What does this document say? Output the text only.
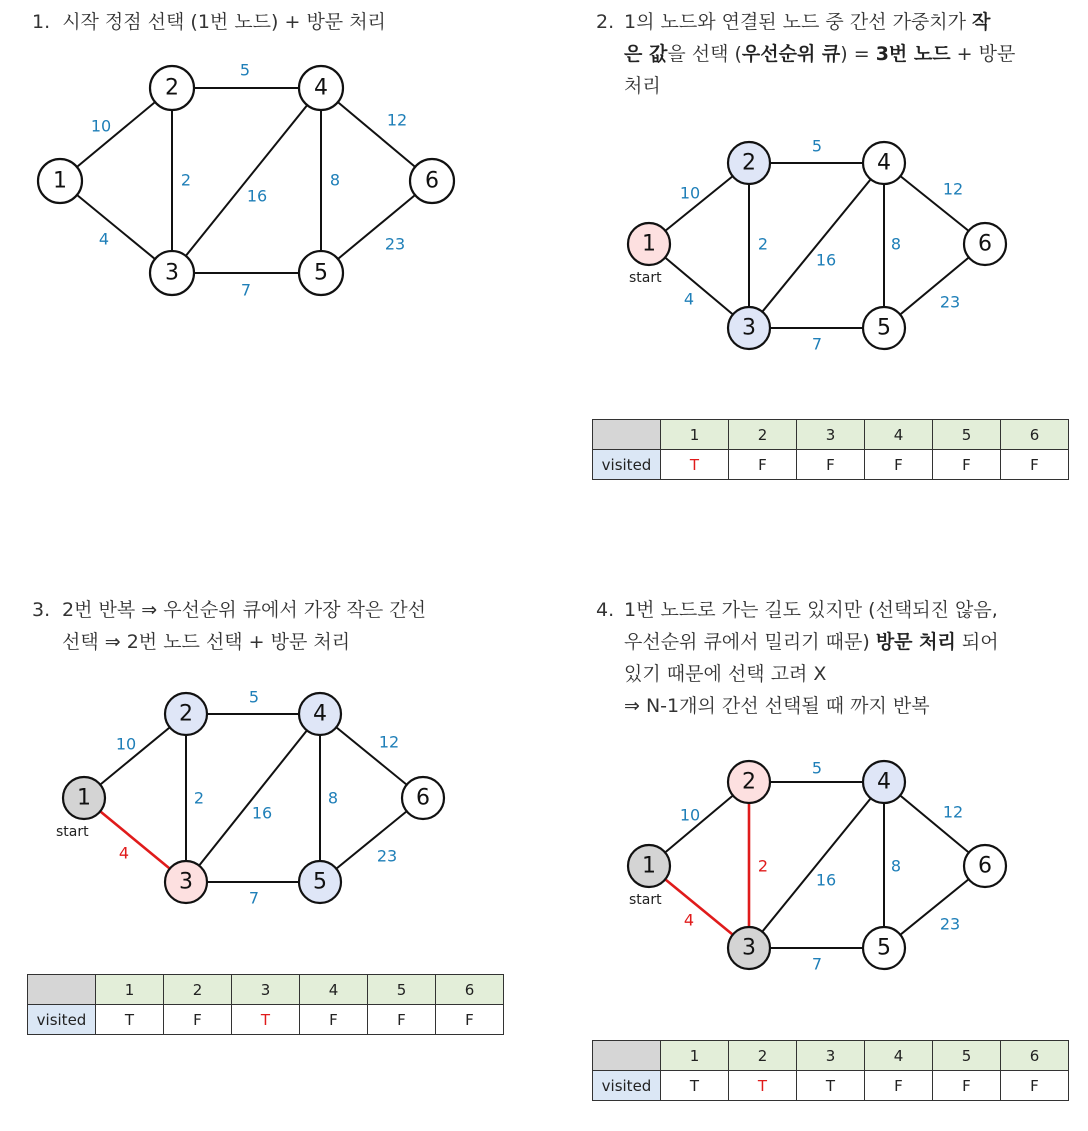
1. 시작 정점 선택 (1번 노드) + 방문 처리
10
4
2
5
16
7
8
12
23
1
2
3
4
5
6
2. 1의 노드와 연결된 노드 중 간선 가중치가 작
은 값을 선택 (우선순위 큐) = 3번 노드 + 방문
처리
10
4
2
5
16
7
8
12
23
1
2
3
4
5
6
start
	1	2	3	4	5	6
visited	T	F	F	F	F	F
3. 2번 반복 ⇒ 우선순위 큐에서 가장 작은 간선
선택 ⇒ 2번 노드 선택 + 방문 처리
10
4
2
5
16
7
8
12
23
1
2
3
4
5
6
start
	1	2	3	4	5	6
visited	T	F	T	F	F	F
4. 1번 노드로 가는 길도 있지만 (선택되진 않음,
우선순위 큐에서 밀리기 때문) 방문 처리 되어
있기 때문에 선택 고려 X
⇒ N-1개의 간선 선택될 때 까지 반복
10
4
2
5
16
7
8
12
23
1
2
3
4
5
6
start
	1	2	3	4	5	6
visited	T	T	T	F	F	F
